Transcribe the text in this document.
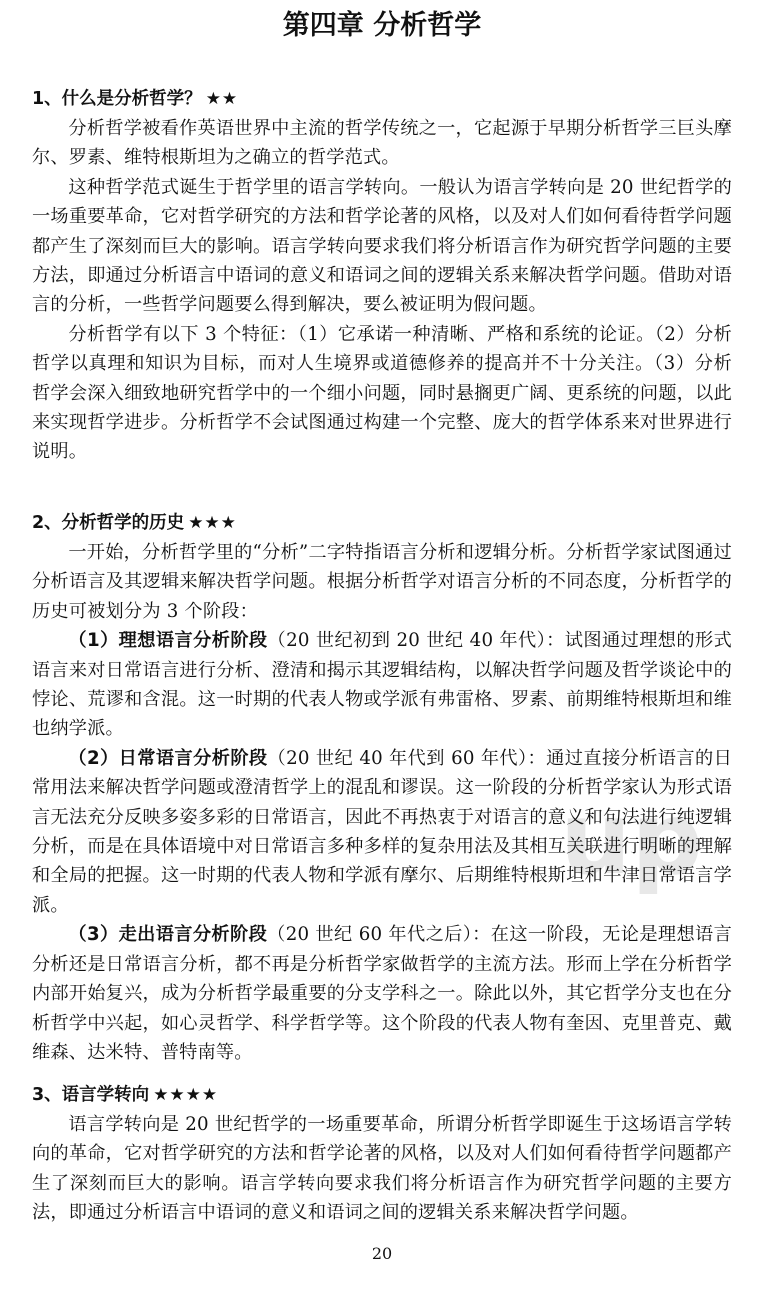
up
第四章 分析哲学
1、什么是分析哲学？ ★★

分析哲学被看作英语世界中主流的哲学传统之一，它起源于早期分析哲学三巨头摩尔、罗素、维特根斯坦为之确立的哲学范式。

这种哲学范式诞生于哲学里的语言学转向。一般认为语言学转向是 20 世纪哲学的一场重要革命，它对哲学研究的方法和哲学论著的风格，以及对人们如何看待哲学问题都产生了深刻而巨大的影响。语言学转向要求我们将分析语言作为研究哲学问题的主要方法，即通过分析语言中语词的意义和语词之间的逻辑关系来解决哲学问题。借助对语言的分析，一些哲学问题要么得到解决，要么被证明为假问题。

分析哲学有以下 3 个特征：（1）它承诺一种清晰、严格和系统的论证。（2）分析哲学以真理和知识为目标，而对人生境界或道德修养的提高并不十分关注。（3）分析哲学会深入细致地研究哲学中的一个细小问题，同时悬搁更广阔、更系统的问题，以此来实现哲学进步。分析哲学不会试图通过构建一个完整、庞大的哲学体系来对世界进行说明。

2、分析哲学的历史 ★★★

一开始，分析哲学里的“分析”二字特指语言分析和逻辑分析。分析哲学家试图通过分析语言及其逻辑来解决哲学问题。根据分析哲学对语言分析的不同态度，分析哲学的历史可被划分为 3 个阶段：

（1）理想语言分析阶段（20 世纪初到 20 世纪 40 年代）：试图通过理想的形式语言来对日常语言进行分析、澄清和揭示其逻辑结构，以解决哲学问题及哲学谈论中的悖论、荒谬和含混。这一时期的代表人物或学派有弗雷格、罗素、前期维特根斯坦和维也纳学派。

（2）日常语言分析阶段（20 世纪 40 年代到 60 年代）：通过直接分析语言的日常用法来解决哲学问题或澄清哲学上的混乱和谬误。这一阶段的分析哲学家认为形式语言无法充分反映多姿多彩的日常语言，因此不再热衷于对语言的意义和句法进行纯逻辑分析，而是在具体语境中对日常语言多种多样的复杂用法及其相互关联进行明晰的理解和全局的把握。这一时期的代表人物和学派有摩尔、后期维特根斯坦和牛津日常语言学派。

（3）走出语言分析阶段（20 世纪 60 年代之后）：在这一阶段，无论是理想语言分析还是日常语言分析，都不再是分析哲学家做哲学的主流方法。形而上学在分析哲学内部开始复兴，成为分析哲学最重要的分支学科之一。除此以外，其它哲学分支也在分析哲学中兴起，如心灵哲学、科学哲学等。这个阶段的代表人物有奎因、克里普克、戴维森、达米特、普特南等。

3、语言学转向 ★★★★

语言学转向是 20 世纪哲学的一场重要革命，所谓分析哲学即诞生于这场语言学转向的革命，它对哲学研究的方法和哲学论著的风格，以及对人们如何看待哲学问题都产生了深刻而巨大的影响。语言学转向要求我们将分析语言作为研究哲学问题的主要方法，即通过分析语言中语词的意义和语词之间的逻辑关系来解决哲学问题。

20
